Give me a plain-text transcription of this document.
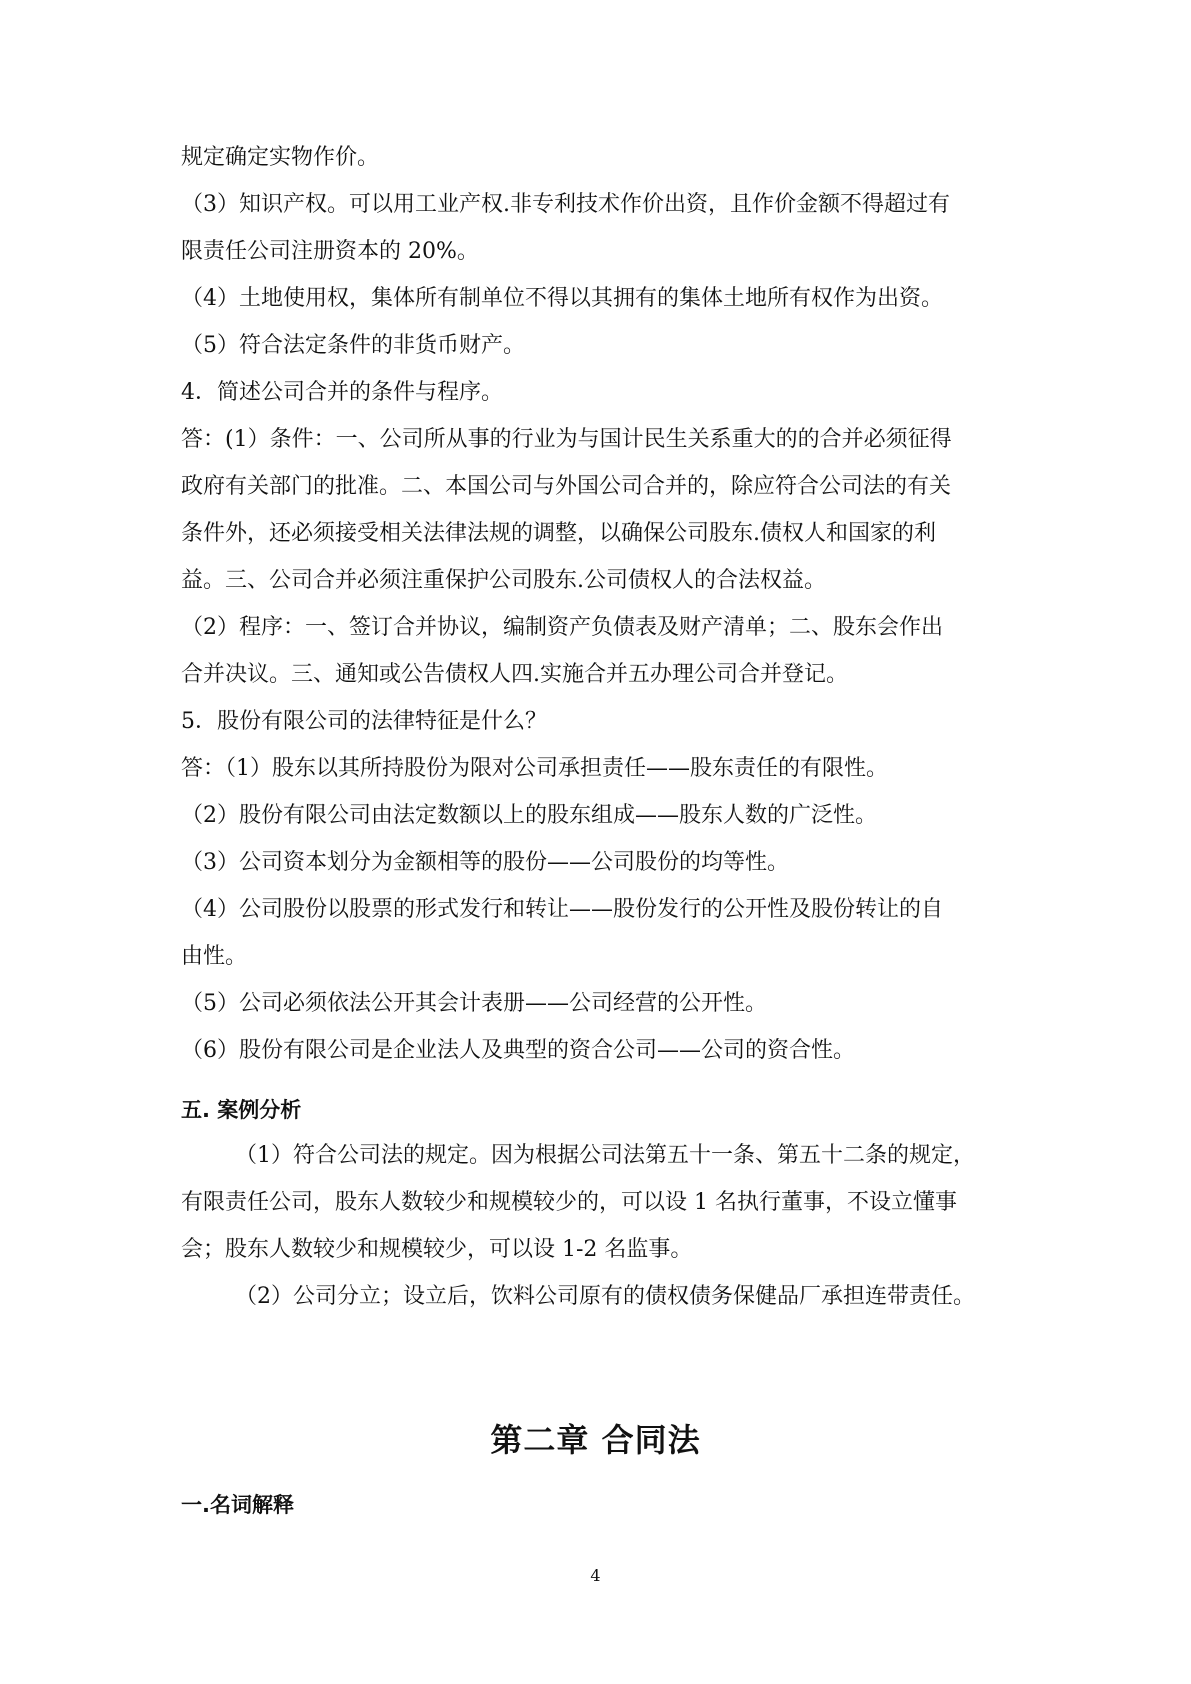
规定确定实物作价。
（3）知识产权。可以用工业产权.非专利技术作价出资，且作价金额不得超过有
限责任公司注册资本的 20%。
（4）土地使用权，集体所有制单位不得以其拥有的集体土地所有权作为出资。
（5）符合法定条件的非货币财产。
4．简述公司合并的条件与程序。
答：(1）条件：一、公司所从事的行业为与国计民生关系重大的的合并必须征得
政府有关部门的批准。二、本国公司与外国公司合并的，除应符合公司法的有关
条件外，还必须接受相关法律法规的调整，以确保公司股东.债权人和国家的利
益。三、公司合并必须注重保护公司股东.公司债权人的合法权益。
（2）程序：一、签订合并协议，编制资产负债表及财产清单；二、股东会作出
合并决议。三、通知或公告债权人四.实施合并五办理公司合并登记。
5．股份有限公司的法律特征是什么？
答：（1）股东以其所持股份为限对公司承担责任——股东责任的有限性。
（2）股份有限公司由法定数额以上的股东组成——股东人数的广泛性。
（3）公司资本划分为金额相等的股份——公司股份的均等性。
（4）公司股份以股票的形式发行和转让——股份发行的公开性及股份转让的自
由性。
（5）公司必须依法公开其会计表册——公司经营的公开性。
（6）股份有限公司是企业法人及典型的资合公司——公司的资合性。
五. 案例分析
（1）符合公司法的规定。因为根据公司法第五十一条、第五十二条的规定，
有限责任公司，股东人数较少和规模较少的，可以设 1 名执行董事，不设立懂事
会；股东人数较少和规模较少，可以设 1-2 名监事。
（2）公司分立；设立后，饮料公司原有的债权债务保健品厂承担连带责任。
第二章 合同法
一.名词解释
4
